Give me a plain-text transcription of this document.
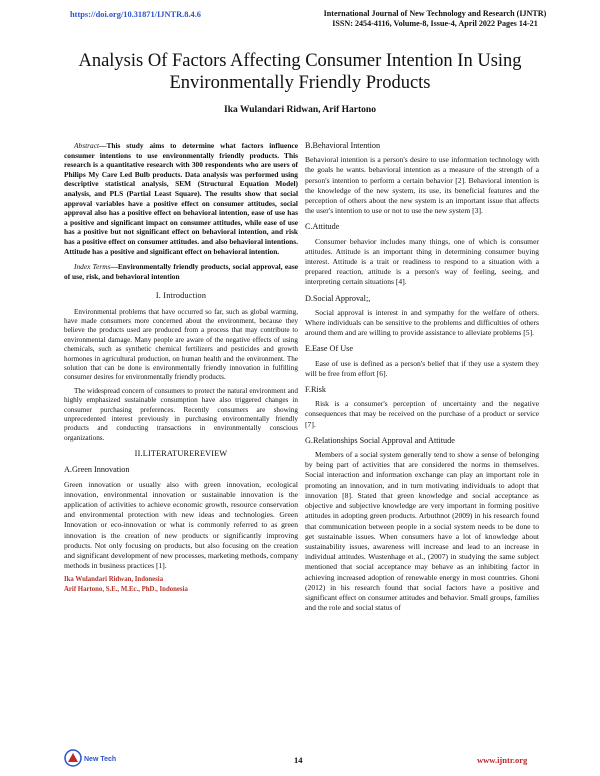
https://doi.org/10.31871/IJNTR.8.4.6	International Journal of New Technology and Research (IJNTR)
ISSN: 2454-4116, Volume-8, Issue-4, April 2022 Pages 14-21
Analysis Of Factors Affecting Consumer Intention In Using Environmentally Friendly Products
Ika Wulandari Ridwan, Arif Hartono

Abstract—This study aims to determine what factors influence consumer intentions to use environmentally friendly products. This research is a quantitative research with 300 respondents who are users of Philips My Care Led Bulb products. Data analysis was performed using descriptive statistical analysis, SEM (Structural Equation Model) analysis, and PLS (Partial Least Square). The results show that social approval variables have a positive effect on consumer attitudes, social approval also has a positive effect on behavioral intention, ease of use has a positive and significant impact on consumer attitudes, while ease of use has a positive but not significant effect on behavioral intention, and risk has a positive effect on consumer attitudes. and also behavioral intentions. Attitude has a positive and significant effect on behavioral intention.

Index Terms—Environmentally friendly products, social approval, ease of use, risk, and behavioral intention

I. Introduction

Environmental problems that have occurred so far, such as global warming, have made consumers more concerned about the environment, because they believe the products used are produced from a process that may contribute to environmental damage. Many people are aware of the negative effects of using chemicals, such as synthetic chemical fertilizers and pesticides and growth hormones in agricultural production, on human health and the environment. The solution that can be done is environmentally friendly innovation in fulfilling consumer desires for environmentally friendly products.

The widespread concern of consumers to protect the natural environment and highly emphasized sustainable consumption have also triggered changes in consumer purchasing preferences. Recently consumers are showing unprecedented interest previously in purchasing environmentally friendly products and conducting transactions in environmentally conscious organizations.

II.LITERATUREREVIEW
A.Green Innovation

Green innovation or usually also with green innovation, ecological innovation, environmental innovation or sustainable innovation is the application of activities to achieve economic growth, resource conservation and environmental protection with new ideas and technologies. Green Innovation or eco-innovation or what is commonly referred to as green innovation is the creation of new products or significantly improving products. Not only focusing on products, but also focusing on the creation and significant development of new processes, marketing methods, company methods in business practices [1].

Ika Wulandari Ridwan, Indonesia
Arif Hartono, S.E., M.Ec., PhD., Indonesia
B.Behavioral Intention

Behavioral intention is a person's desire to use information technology with the goals he wants. behavioral intention as a measure of the strength of a person's intention to perform a certain behavior [2]. Behavioral intention is the knowledge of the new system, its use, its beneficial features and the perception of others about the new system is an important issue that affects the user's intention to use or not to use the new system [3].

C.Attitude

Consumer behavior includes many things, one of which is consumer attitudes. Attitude is an important thing in determining consumer buying interest. Attitude is a trait or readiness to respond to a situation with a prepared reaction, attitude is a person's way of feeling, seeing, and interpreting certain situations [4].

D.Social Approval;,

Social approval is interest in and sympathy for the welfare of others. Where individuals can be sensitive to the problems and difficulties of others around them and are willing to provide assistance to alleviate problems [5].

E.Ease Of Use

Ease of use is defined as a person's belief that if they use a system they will be free from effort [6].

F.Risk

Risk is a consumer's perception of uncertainty and the negative consequences that may be received on the purchase of a product or service [7].

G.Relationships Social Approval and Attitude

Members of a social system generally tend to show a sense of belonging by being part of activities that are considered the norms in themselves. Social interaction and information exchange can play an important role in promoting an innovation, and in turn motivating individuals to adopt that innovation [8]. Stated that green knowledge and social acceptance as objective and subjective knowledge are very important in forming positive attitudes in adopting green products. Arbuthnot (2009) in his research found that communication between people in a social system needs to be done to get sustainable issues. When consumers have a lot of knowledge about sustainability issues, awareness will increase and lead to an increase in individual attitudes. Wustenhage et al., (2007) in studying the same subject mentioned that social acceptance may behave as an inhibiting factor in achieving increased adoption of renewable energy in most countries. Ghoni (2012) in his research found that social factors have a positive and significant effect on consumer attitudes and behavior. Small groups, families and the role and social status of

New Tech	14	www.ijntr.org
